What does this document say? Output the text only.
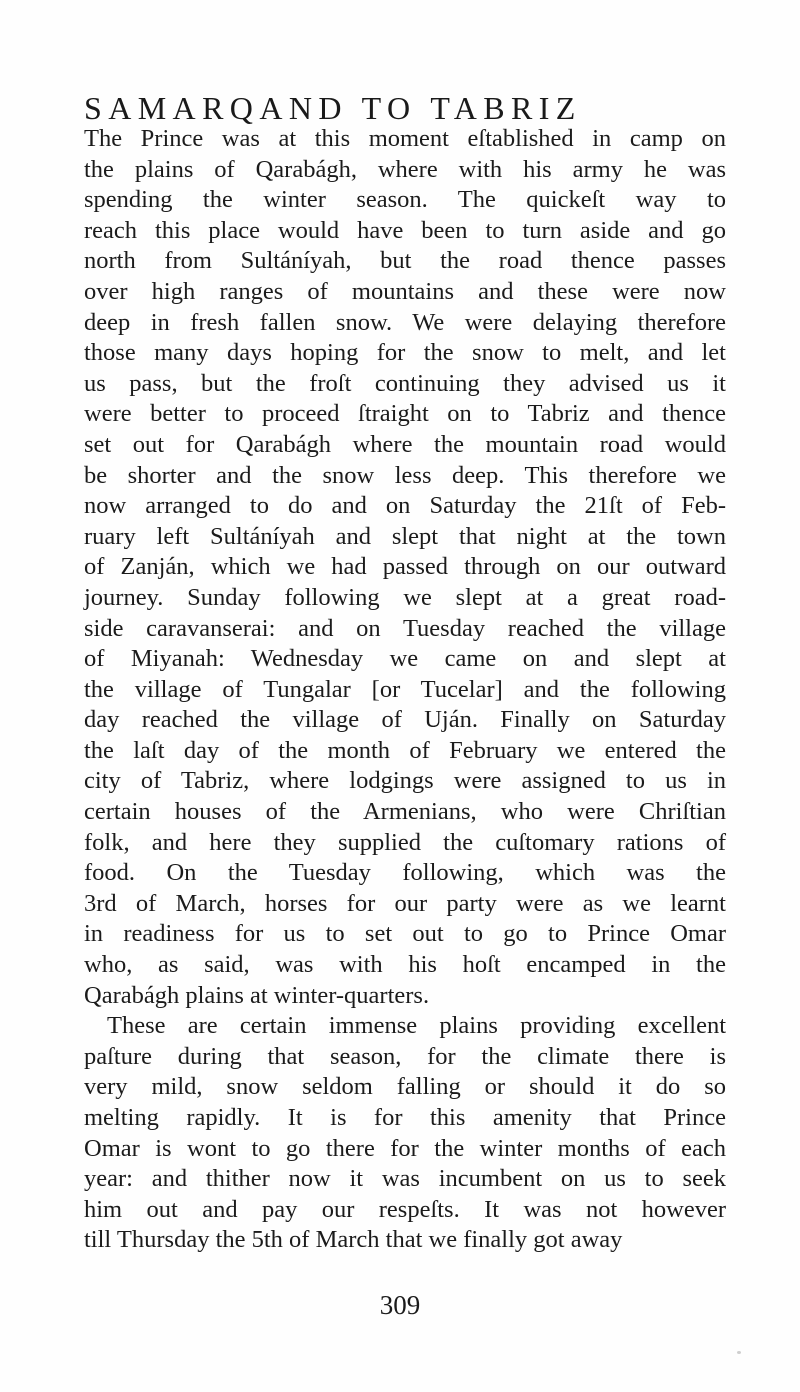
SAMARQAND TO TABRIZ
The Prince was at this moment eſtablished in camp on
the plains of Qarabágh, where with his army he was
spending the winter season. The quickeſt way to
reach this place would have been to turn aside and go
north from Sultáníyah, but the road thence passes
over high ranges of mountains and these were now
deep in fresh fallen snow. We were delaying therefore
those many days hoping for the snow to melt, and let
us pass, but the froſt continuing they advised us it
were better to proceed ſtraight on to Tabriz and thence
set out for Qarabágh where the mountain road would
be shorter and the snow less deep. This therefore we
now arranged to do and on Saturday the 21ſt of Feb-
ruary left Sultáníyah and slept that night at the town
of Zanján, which we had passed through on our outward
journey. Sunday following we slept at a great road-
side caravanserai: and on Tuesday reached the village
of Miyanah: Wednesday we came on and slept at
the village of Tungalar [or Tucelar] and the following
day reached the village of Uján. Finally on Saturday
the laſt day of the month of February we entered the
city of Tabriz, where lodgings were assigned to us in
certain houses of the Armenians, who were Chriſtian
folk, and here they supplied the cuſtomary rations of
food. On the Tuesday following, which was the
3rd of March, horses for our party were as we learnt
in readiness for us to set out to go to Prince Omar
who, as said, was with his hoſt encamped in the
Qarabágh plains at winter-quarters.
These are certain immense plains providing excellent
paſture during that season, for the climate there is
very mild, snow seldom falling or should it do so
melting rapidly. It is for this amenity that Prince
Omar is wont to go there for the winter months of each
year: and thither now it was incumbent on us to seek
him out and pay our respeſts. It was not however
till Thursday the 5th of March that we finally got away
309
